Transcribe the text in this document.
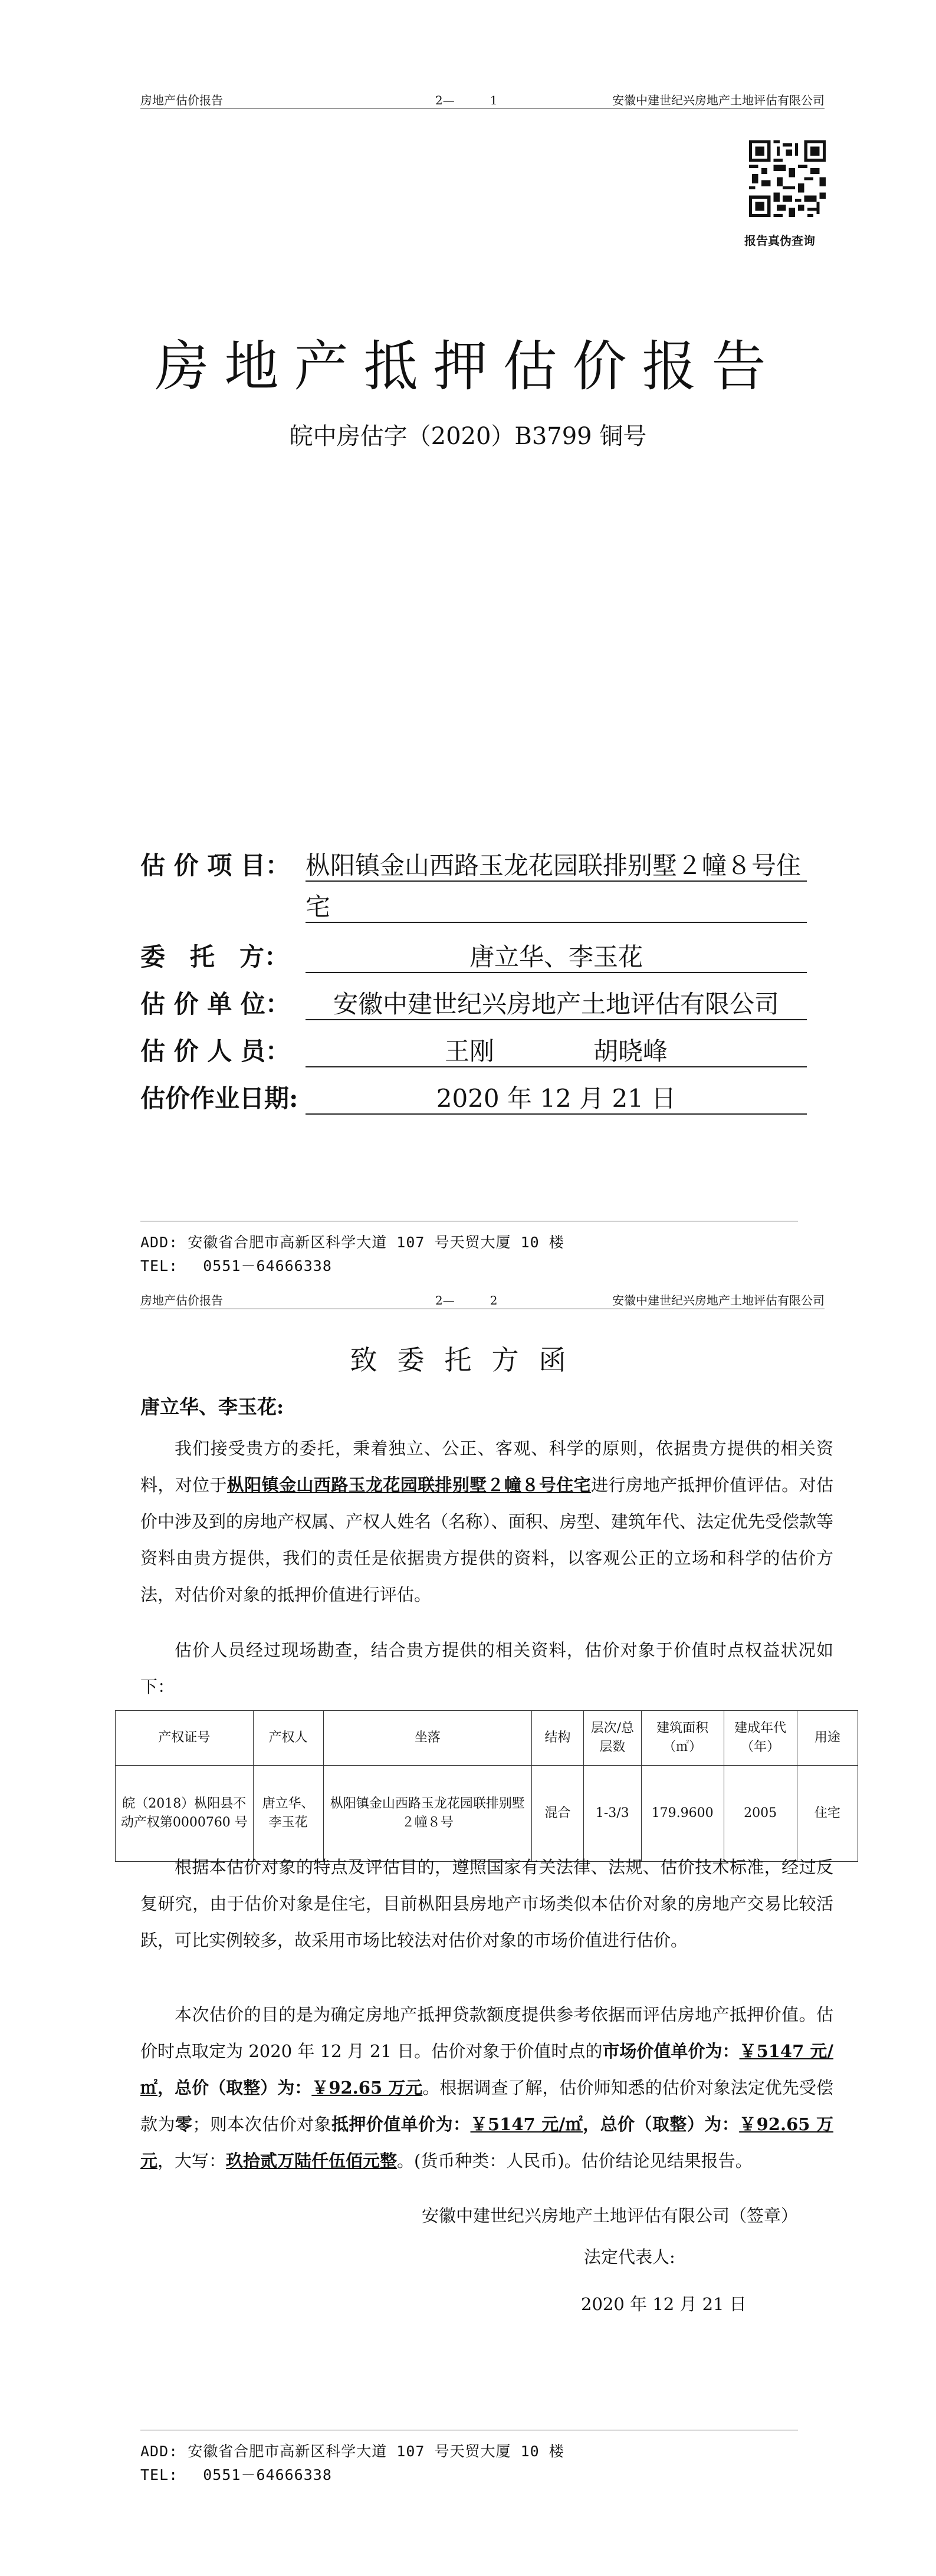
房地产估价报告	2—　　　1	安徽中建世纪兴房地产土地评估有限公司
报告真伪查询
房地产抵押估价报告
皖中房估字（2020）B3799 铜号
估 价 项 目： 枞阳镇金山西路玉龙花园联排别墅２幢８号住
宅
委　托　方：	唐立华、李玉花
估 价 单 位：	安徽中建世纪兴房地产土地评估有限公司
估 价 人 员：	王刚　　　　胡晓峰
估价作业日期:	2020 年 12 月 21 日
ADD: 安徽省合肥市高新区科学大道 107 号天贸大厦 10 楼
TEL:　 0551－64666338
房地产估价报告	2—　　　2	安徽中建世纪兴房地产土地评估有限公司
致委托方函
唐立华、李玉花:
我们接受贵方的委托，秉着独立、公正、客观、科学的原则，依据贵方提供的相关资料，对位于枞阳镇金山西路玉龙花园联排别墅２幢８号住宅进行房地产抵押价值评估。对估价中涉及到的房地产权属、产权人姓名（名称）、面积、房型、建筑年代、法定优先受偿款等资料由贵方提供，我们的责任是依据贵方提供的资料，以客观公正的立场和科学的估价方法，对估价对象的抵押价值进行评估。
估价人员经过现场勘查，结合贵方提供的相关资料，估价对象于价值时点权益状况如下：
产权证号	产权人	坐落	结构	层次/总层数	建筑面积（㎡）	建成年代（年）	用途
皖（2018）枞阳县不动产权第0000760 号	唐立华、李玉花	枞阳镇金山西路玉龙花园联排别墅２幢８号	混合	1-3/3	179.9600	2005	住宅
根据本估价对象的特点及评估目的，遵照国家有关法律、法规、估价技术标准，经过反复研究，由于估价对象是住宅，目前枞阳县房地产市场类似本估价对象的房地产交易比较活跃，可比实例较多，故采用市场比较法对估价对象的市场价值进行估价。
本次估价的目的是为确定房地产抵押贷款额度提供参考依据而评估房地产抵押价值。估价时点取定为 2020 年 12 月 21 日。估价对象于价值时点的市场价值单价为：￥5147 元/㎡，总价（取整）为：￥92.65 万元。根据调查了解，估价师知悉的估价对象法定优先受偿款为零；则本次估价对象抵押价值单价为：￥5147 元/㎡，总价（取整）为：￥92.65 万元，大写：玖拾贰万陆仟伍佰元整。(货币种类：人民币)。估价结论见结果报告。
安徽中建世纪兴房地产土地评估有限公司（签章）
法定代表人:
2020 年 12 月 21 日
ADD: 安徽省合肥市高新区科学大道 107 号天贸大厦 10 楼
TEL:　 0551－64666338
